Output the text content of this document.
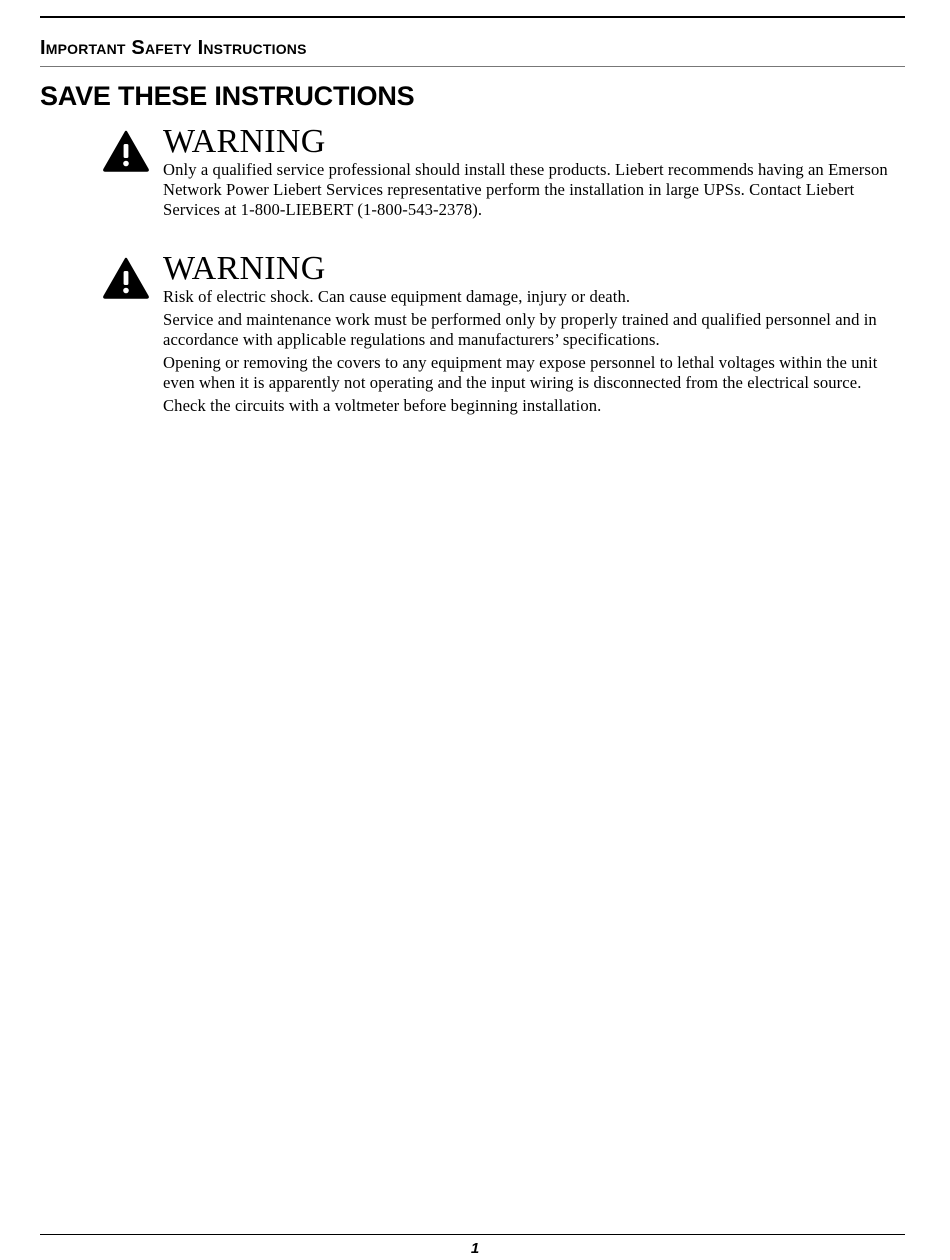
Important Safety Instructions
SAVE THESE INSTRUCTIONS

WARNING

Only a qualified service professional should install these products. Liebert recommends having an Emerson Network Power Liebert Services representative perform the installation in large UPSs. Contact Liebert Services at 1-800-LIEBERT (1-800-543-2378).

WARNING

Risk of electric shock. Can cause equipment damage, injury or death.

Service and maintenance work must be performed only by properly trained and qualified personnel and in accordance with applicable regulations and manufacturers’ specifications.

Opening or removing the covers to any equipment may expose personnel to lethal voltages within the unit even when it is apparently not operating and the input wiring is disconnected from the electrical source.

Check the circuits with a voltmeter before beginning installation.

1
